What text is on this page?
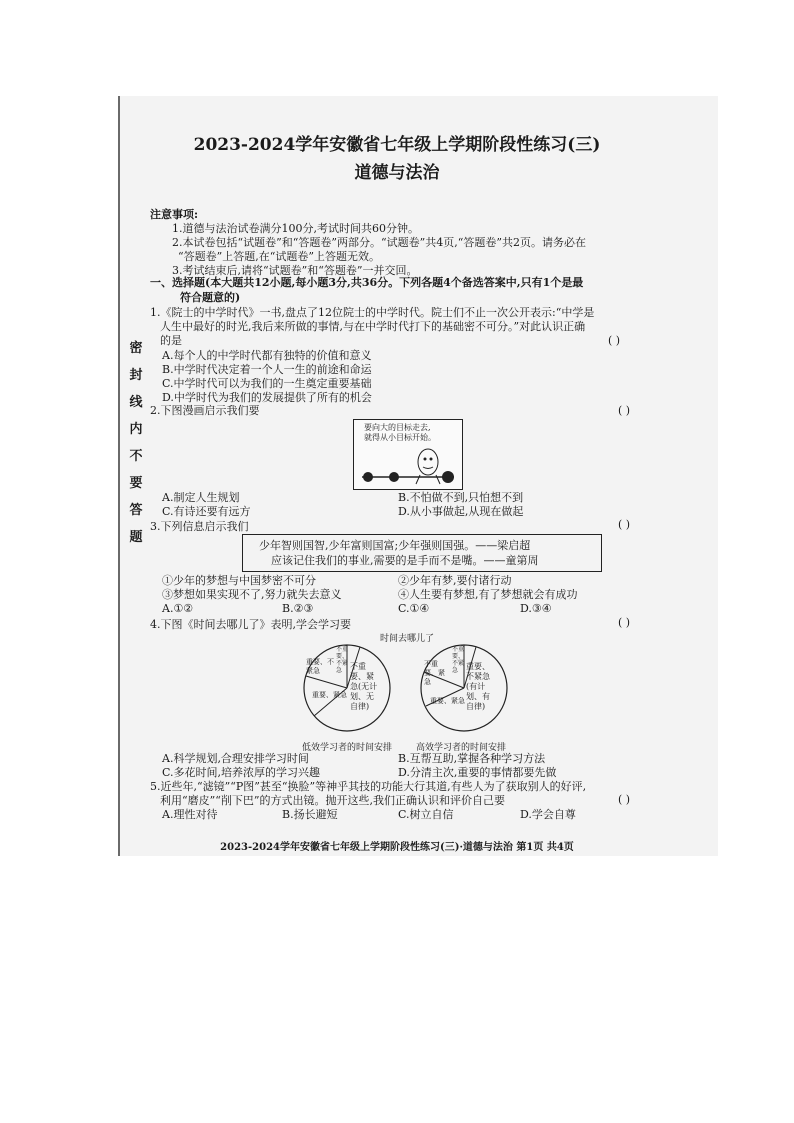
密
封
线
内
不
要
答
题
2023-2024学年安徽省七年级上学期阶段性练习(三)
道德与法治
注意事项:
1.道德与法治试卷满分100分,考试时间共60分钟。
2.本试卷包括“试题卷”和“答题卷”两部分。“试题卷”共4页,“答题卷”共2页。请务必在
“答题卷”上答题,在“试题卷”上答题无效。
3.考试结束后,请将“试题卷”和“答题卷”一并交回。
一、选择题(本大题共12小题,每小题3分,共36分。下列各题4个备选答案中,只有1个是最
符合题意的)
1.《院士的中学时代》一书,盘点了12位院士的中学时代。院士们不止一次公开表示:“中学是
人生中最好的时光,我后来所做的事情,与在中学时代打下的基础密不可分。”对此认识正确
的是	( )
A.每个人的中学时代都有独特的价值和意义
B.中学时代决定着一个人一生的前途和命运
C.中学时代可以为我们的一生奠定重要基础
D.中学时代为我们的发展提供了所有的机会
2.下图漫画启示我们要	( )
要向大的目标走去,
就得从小目标开始。
A.制定人生规划	B.不怕做不到,只怕想不到
C.有诗还要有远方	D.从小事做起,从现在做起
3.下列信息启示我们	( )
少年智则国智,少年富则国富;少年强则国强。——梁启超
应该记住我们的事业,需要的是手而不是嘴。——童第周
①少年的梦想与中国梦密不可分	②少年有梦,要付诸行动
③梦想如果实现不了,努力就失去意义	④人生要有梦想,有了梦想就会有成功
A.①②	B.②③	C.①④	D.③④
4.下图《时间去哪儿了》表明,学会学习要	( )
时间去哪儿了
不重要、紧急(无计划、无自律)
重要、紧急
重要、不紧急
不重要、不紧急	重要、不紧急(有计划、有自律)
重要、紧急
不重要、紧急
不重要、不紧急
低效学习者的时间安排	高效学习者的时间安排
A.科学规划,合理安排学习时间	B.互帮互助,掌握各种学习方法
C.多花时间,培养浓厚的学习兴趣	D.分清主次,重要的事情都要先做
5.近些年,“滤镜”“P图”甚至“换脸”等神乎其技的功能大行其道,有些人为了获取别人的好评,
利用“磨皮”“削下巴”的方式出镜。抛开这些,我们正确认识和评价自己要	( )
A.理性对待	B.扬长避短	C.树立自信	D.学会自尊
2023-2024学年安徽省七年级上学期阶段性练习(三)·道德与法治 第1页 共4页
